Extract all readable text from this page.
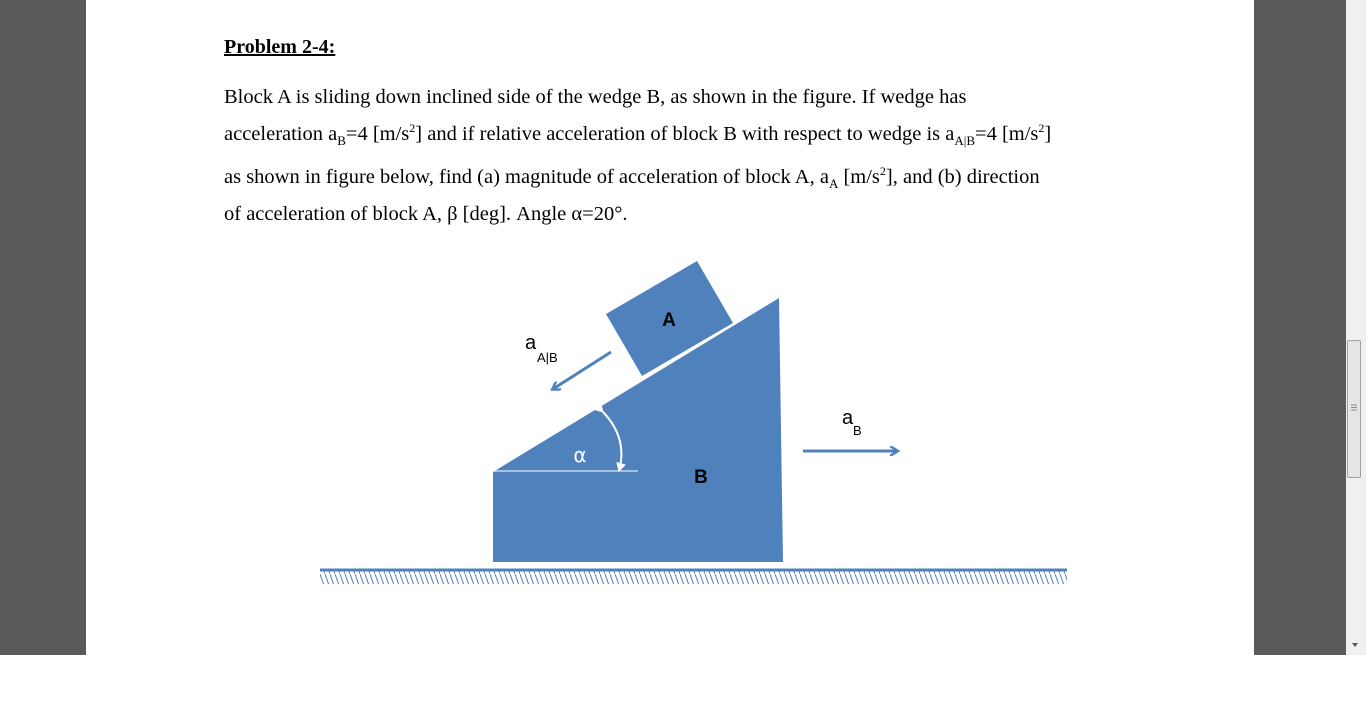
Problem 2-4:

Block A is sliding down inclined side of the wedge B, as shown in the figure. If wedge has
acceleration $a_B=4$ $[m/s^2]$ and if relative acceleration of block B with respect to wedge is $a_{A|B}=4$ $[m/s^2]$
as shown in figure below, find (a) magnitude of acceleration of block A, $a_A$ $[m/s^2]$, and (b) direction
of acceleration of block A, β [deg]. Angle α=20°.

A
B
α
a
A|B
a
B
